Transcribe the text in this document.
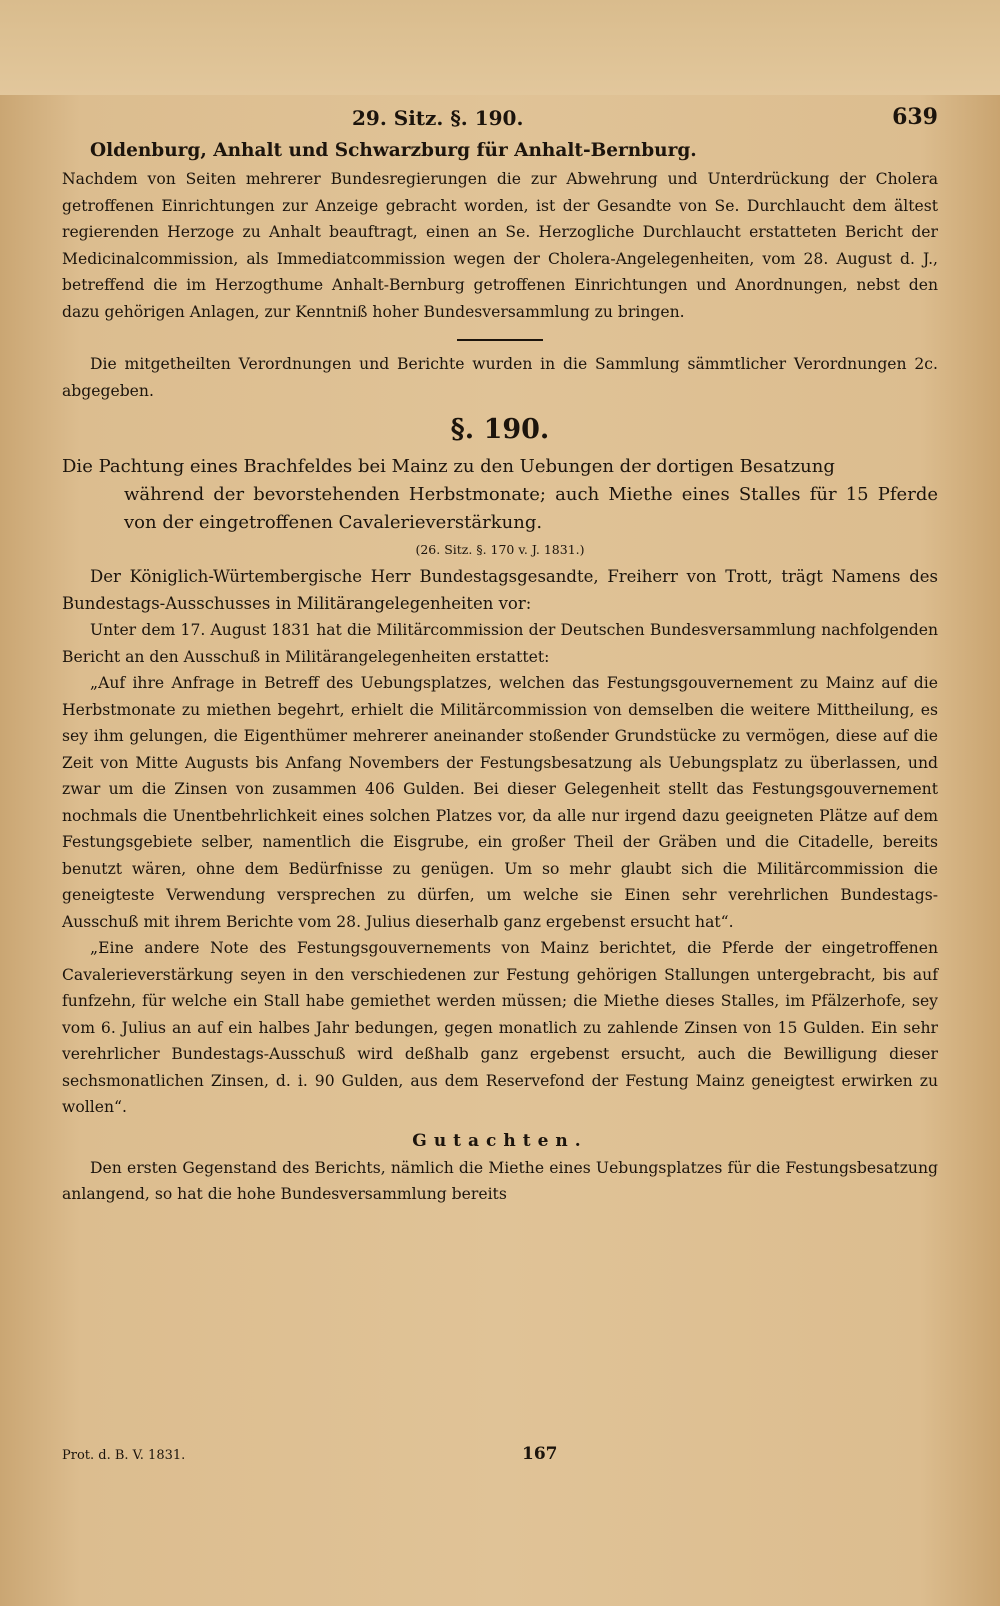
29. Sitz. §. 190.	639

Oldenburg, Anhalt und Schwarzburg für Anhalt-Bernburg.

Nachdem von Seiten mehrerer Bundesregierungen die zur Abwehrung und Unterdrückung der Cholera getroffenen Einrichtungen zur Anzeige gebracht worden, ist der Gesandte von Se. Durchlaucht dem ältest regierenden Herzoge zu Anhalt beauftragt, einen an Se. Herzogliche Durchlaucht erstatteten Bericht der Medicinalcommission, als Immediatcommission wegen der Cholera-Angelegenheiten, vom 28. August d. J., betreffend die im Herzogthume Anhalt-Bernburg getroffenen Einrichtungen und Anordnungen, nebst den dazu gehörigen Anlagen, zur Kenntniß hoher Bundesversammlung zu bringen.

Die mitgetheilten Verordnungen und Berichte wurden in die Sammlung sämmtlicher Verordnungen 2c. abgegeben.

§. 190.

Die Pachtung eines Brachfeldes bei Mainz zu den Uebungen der dortigen Besatzung
während der bevorstehenden Herbstmonate; auch Miethe eines Stalles für 15 Pferde von der eingetroffenen Cavalerieverstärkung.

(26. Sitz. §. 170 v. J. 1831.)

Der Königlich-Würtembergische Herr Bundestagsgesandte, Freiherr von Trott, trägt Namens des Bundestags-Ausschusses in Militärangelegenheiten vor:

Unter dem 17. August 1831 hat die Militärcommission der Deutschen Bundesversammlung nachfolgenden Bericht an den Ausschuß in Militärangelegenheiten erstattet:

„Auf ihre Anfrage in Betreff des Uebungsplatzes, welchen das Festungsgouvernement zu Mainz auf die Herbstmonate zu miethen begehrt, erhielt die Militärcommission von demselben die weitere Mittheilung, es sey ihm gelungen, die Eigenthümer mehrerer aneinander stoßender Grundstücke zu vermögen, diese auf die Zeit von Mitte Augusts bis Anfang Novembers der Festungsbesatzung als Uebungsplatz zu überlassen, und zwar um die Zinsen von zusammen 406 Gulden. Bei dieser Gelegenheit stellt das Festungsgouvernement nochmals die Unentbehrlichkeit eines solchen Platzes vor, da alle nur irgend dazu geeigneten Plätze auf dem Festungsgebiete selber, namentlich die Eisgrube, ein großer Theil der Gräben und die Citadelle, bereits benutzt wären, ohne dem Bedürfnisse zu genügen. Um so mehr glaubt sich die Militärcommission die geneigteste Verwendung versprechen zu dürfen, um welche sie Einen sehr verehrlichen Bundestags-Ausschuß mit ihrem Berichte vom 28. Julius dieserhalb ganz ergebenst ersucht hat“.

„Eine andere Note des Festungsgouvernements von Mainz berichtet, die Pferde der eingetroffenen Cavalerieverstärkung seyen in den verschiedenen zur Festung gehörigen Stallungen untergebracht, bis auf funfzehn, für welche ein Stall habe gemiethet werden müssen; die Miethe dieses Stalles, im Pfälzerhofe, sey vom 6. Julius an auf ein halbes Jahr bedungen, gegen monatlich zu zahlende Zinsen von 15 Gulden. Ein sehr verehrlicher Bundestags-Ausschuß wird deßhalb ganz ergebenst ersucht, auch die Bewilligung dieser sechsmonatlichen Zinsen, d. i. 90 Gulden, aus dem Reservefond der Festung Mainz geneigtest erwirken zu wollen“.

Gutachten.

Den ersten Gegenstand des Berichts, nämlich die Miethe eines Uebungsplatzes für die Festungsbesatzung anlangend, so hat die hohe Bundesversammlung bereits

Prot. d. B. V. 1831.	167
